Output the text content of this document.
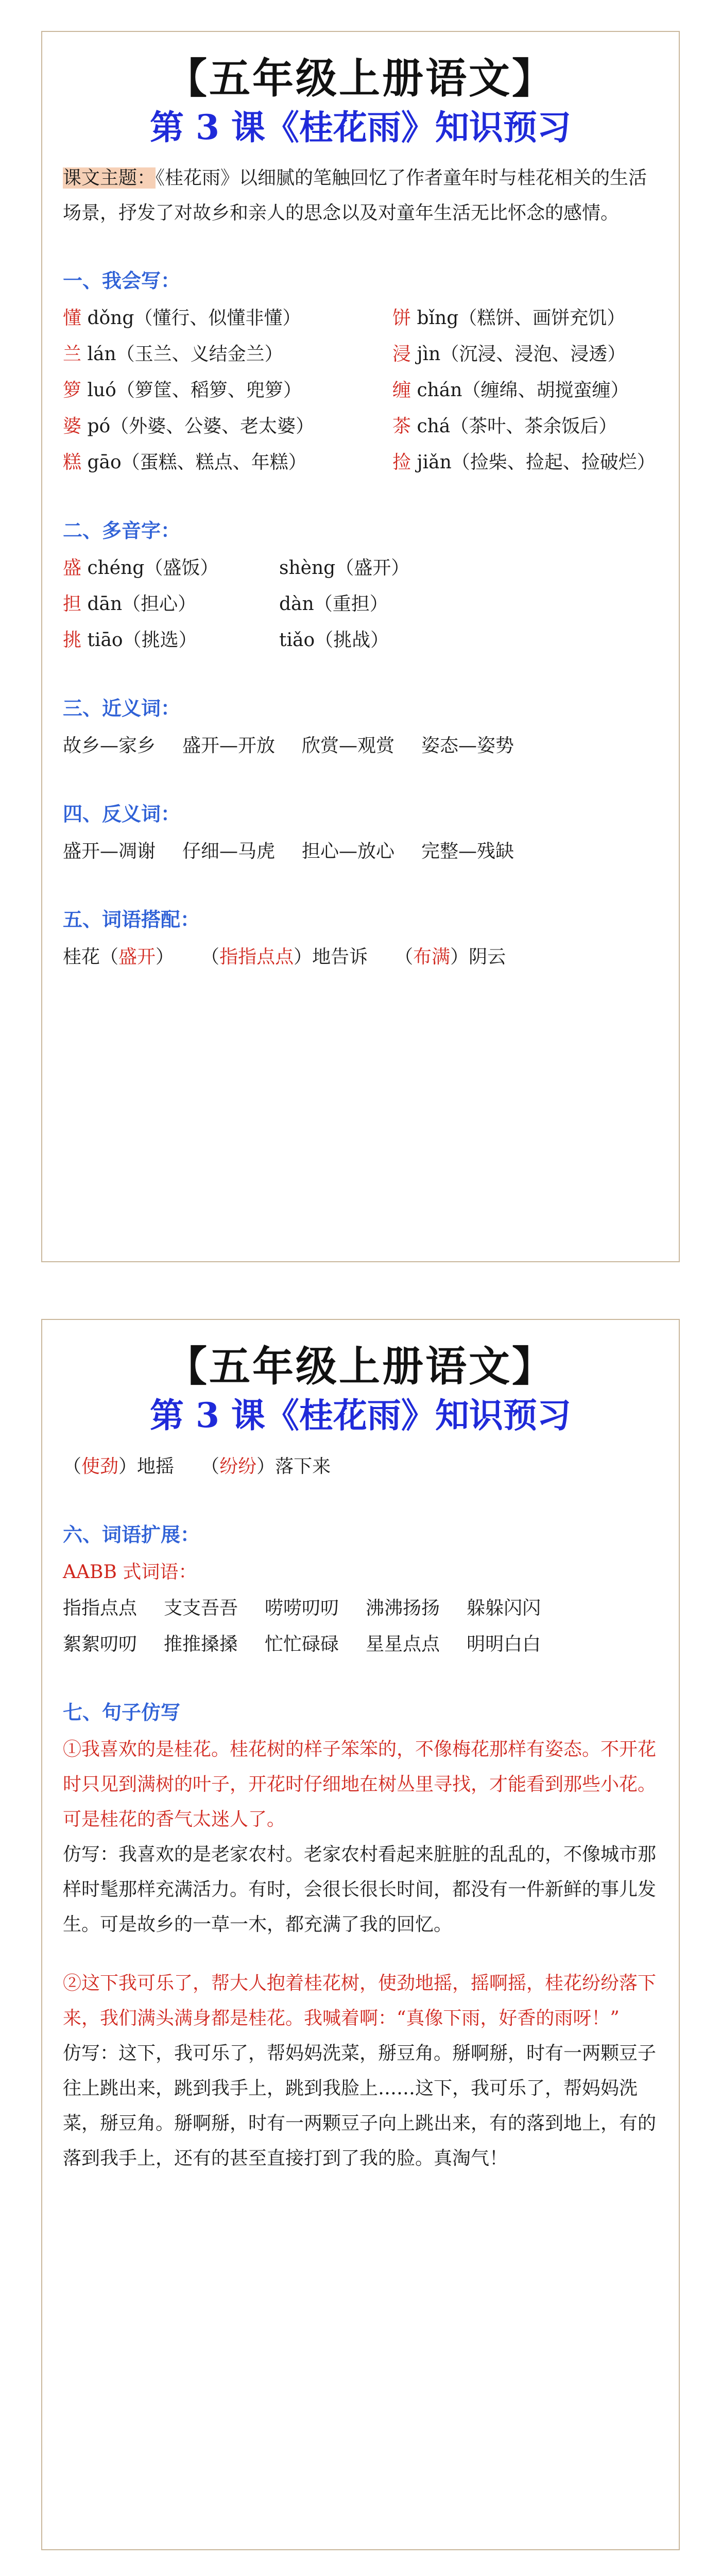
【五年级上册语文】
第 3 课《桂花雨》知识预习
课文主题：《桂花雨》以细腻的笔触回忆了作者童年时与桂花相关的生活场景，抒发了对故乡和亲人的思念以及对童年生活无比怀念的感情。
一、我会写：
懂 dǒng（懂行、似懂非懂）	饼 bǐng（糕饼、画饼充饥）
兰 lán（玉兰、义结金兰）	浸 jìn（沉浸、浸泡、浸透）
箩 luó（箩筐、稻箩、兜箩）	缠 chán（缠绵、胡搅蛮缠）
婆 pó（外婆、公婆、老太婆）	茶 chá（茶叶、茶余饭后）
糕 gāo（蛋糕、糕点、年糕）	捡 jiǎn（捡柴、捡起、捡破烂）
二、多音字：
盛 chéng（盛饭）	shèng（盛开）
担 dān（担心）	dàn（重担）
挑 tiāo（挑选）	tiǎo（挑战）
三、近义词：
故乡—家乡 盛开—开放 欣赏—观赏 姿态—姿势
四、反义词：
盛开—凋谢 仔细—马虎 担心—放心 完整—残缺
五、词语搭配：
桂花（盛开） （指指点点）地告诉 （布满）阴云
【五年级上册语文】
第 3 课《桂花雨》知识预习
（使劲）地摇 （纷纷）落下来
六、词语扩展：
AABB 式词语：
指指点点 支支吾吾 唠唠叨叨 沸沸扬扬 躲躲闪闪
絮絮叨叨 推推搡搡 忙忙碌碌 星星点点 明明白白
七、句子仿写

①我喜欢的是桂花。桂花树的样子笨笨的，不像梅花那样有姿态。不开花时只见到满树的叶子，开花时仔细地在树丛里寻找，才能看到那些小花。可是桂花的香气太迷人了。

仿写：我喜欢的是老家农村。老家农村看起来脏脏的乱乱的，不像城市那样时髦那样充满活力。有时，会很长很长时间，都没有一件新鲜的事儿发生。可是故乡的一草一木，都充满了我的回忆。

②这下我可乐了，帮大人抱着桂花树，使劲地摇，摇啊摇，桂花纷纷落下来，我们满头满身都是桂花。我喊着啊：“真像下雨，好香的雨呀！”

仿写：这下，我可乐了，帮妈妈洗菜，掰豆角。掰啊掰，时有一两颗豆子往上跳出来，跳到我手上，跳到我脸上……这下，我可乐了，帮妈妈洗菜，掰豆角。掰啊掰，时有一两颗豆子向上跳出来，有的落到地上，有的落到我手上，还有的甚至直接打到了我的脸。真淘气！
